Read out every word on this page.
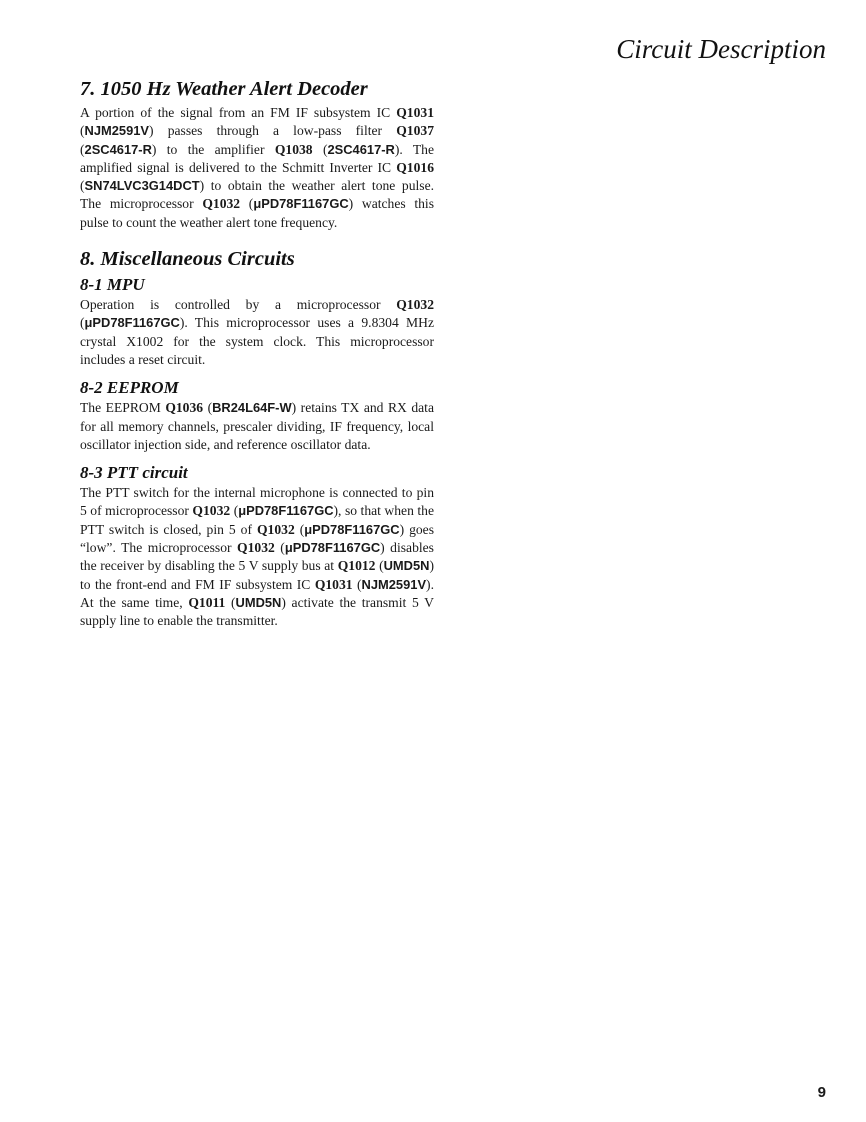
Circuit Description
7. 1050 Hz Weather Alert Decoder

A portion of the signal from an FM IF subsystem IC Q1031 (NJM2591V) passes through a low-pass filter Q1037 (2SC4617-R) to the amplifier Q1038 (2SC4617-R). The amplified signal is delivered to the Schmitt Inverter IC Q1016 (SN74LVC3G14DCT) to obtain the weather alert tone pulse. The microprocessor Q1032 (μPD78F1167GC) watches this pulse to count the weather alert tone frequency.

8. Miscellaneous Circuits
8-1 MPU

Operation is controlled by a microprocessor Q1032 (μPD78F1167GC). This microprocessor uses a 9.8304 MHz crystal X1002 for the system clock. This microprocessor includes a reset circuit.

8-2 EEPROM

The EEPROM Q1036 (BR24L64F-W) retains TX and RX data for all memory channels, prescaler dividing, IF frequency, local oscillator injection side, and reference oscillator data.

8-3 PTT circuit

The PTT switch for the internal microphone is connected to pin 5 of microprocessor Q1032 (μPD78F1167GC), so that when the PTT switch is closed, pin 5 of Q1032 (μPD78F1167GC) goes “low”. The microprocessor Q1032 (μPD78F1167GC) disables the receiver by disabling the 5 V supply bus at Q1012 (UMD5N) to the front-end and FM IF subsystem IC Q1031 (NJM2591V). At the same time, Q1011 (UMD5N) activate the transmit 5 V supply line to enable the transmitter.

9
